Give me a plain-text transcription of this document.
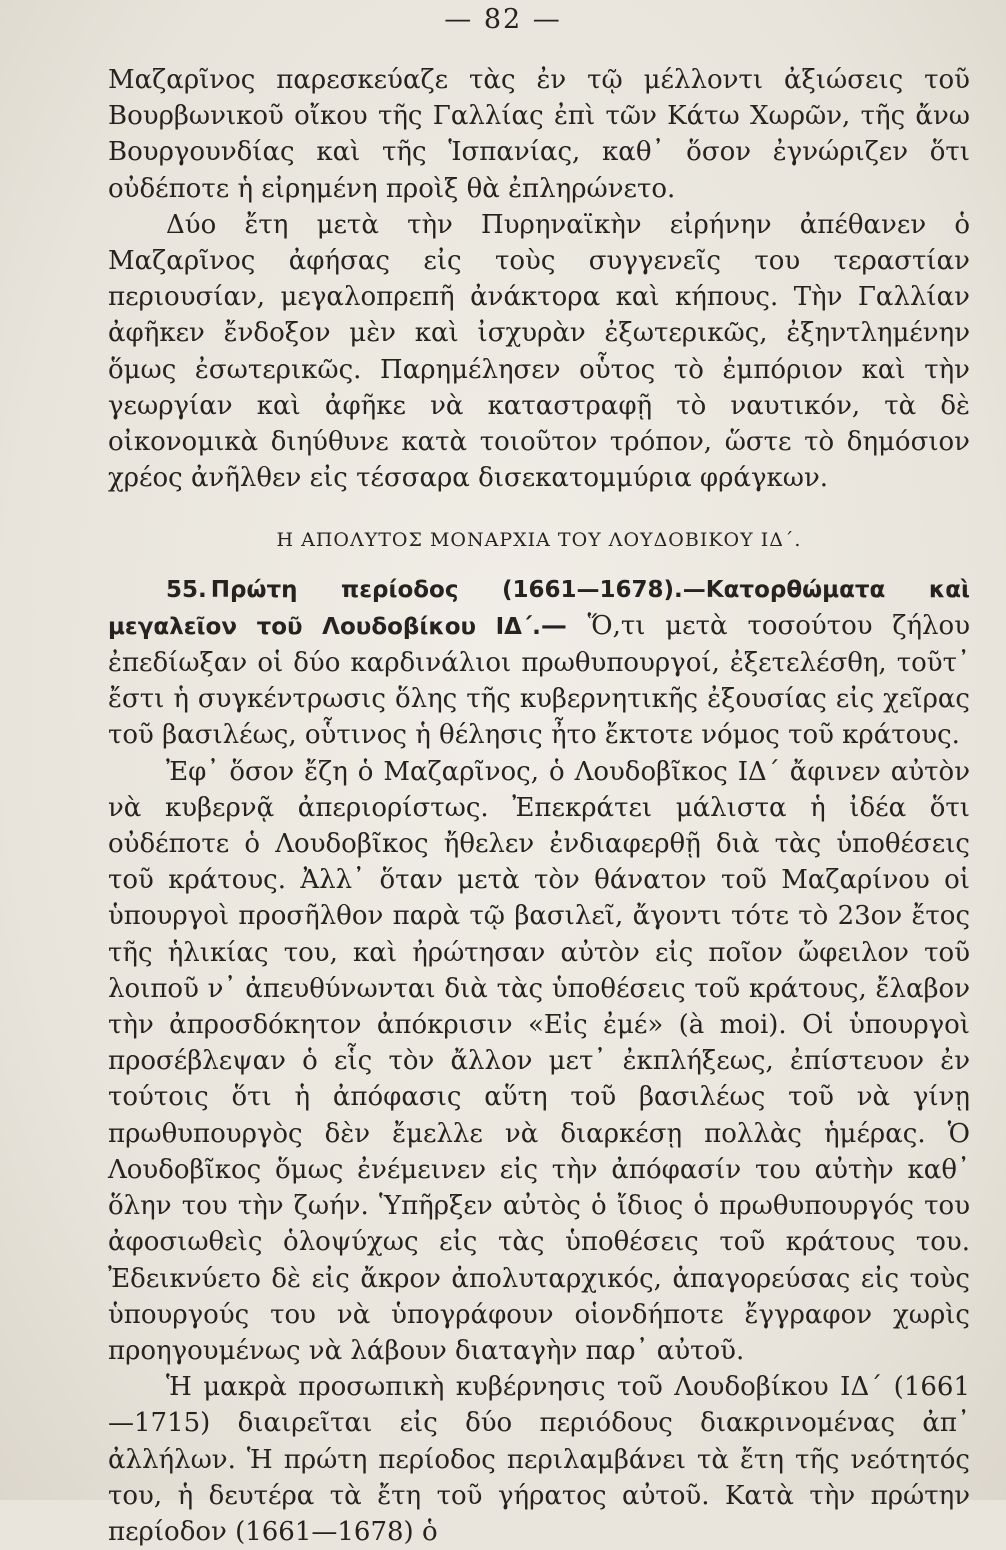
— 82 —

Μαζαρῖνος παρεσκεύαζε τὰς ἐν τῷ μέλλοντι ἀξιώσεις τοῦ Βουρβωνικοῦ οἴκου τῆς Γαλλίας ἐπὶ τῶν Κάτω Χωρῶν, τῆς ἄνω Βουργουνδίας καὶ τῆς Ἱσπανίας, καθ᾿ ὅσον ἐγνώριζεν ὅτι οὐδέποτε ἡ εἰρημένη προὶξ θὰ ἐπληρώνετο.

Δύο ἔτη μετὰ τὴν Πυρηναϊκὴν εἰρήνην ἀπέθανεν ὁ Μαζαρῖνος ἀφήσας εἰς τοὺς συγγενεῖς του τεραστίαν περιουσίαν, μεγαλοπρεπῆ ἀνάκτορα καὶ κήπους. Τὴν Γαλλίαν ἀφῆκεν ἔνδοξον μὲν καὶ ἰσχυρὰν ἐξωτερικῶς, ἐξηντλημένην ὅμως ἐσωτερικῶς. Παρημέλησεν οὗτος τὸ ἐμπόριον καὶ τὴν γεωργίαν καὶ ἀφῆκε νὰ καταστραφῇ τὸ ναυτικόν, τὰ δὲ οἰκονομικὰ διηύθυνε κατὰ τοιοῦτον τρόπον, ὥστε τὸ δημόσιον χρέος ἀνῆλθεν εἰς τέσσαρα δισεκατομμύρια φράγκων.

Η ΑΠΟΛΥΤΟΣ ΜΟΝΑΡΧΙΑ ΤΟΥ ΛΟΥΔΟΒΙΚΟΥ ΙΔ΄.

55. Πρώτη περίοδος (1661—1678).—Κατορθώματα καὶ μεγαλεῖον τοῦ Λουδοβίκου ΙΔ΄.— Ὅ,τι μετὰ τοσούτου ζήλου ἐπεδίωξαν οἱ δύο καρδινάλιοι πρωθυπουργοί, ἐξετελέσθη, τοῦτ᾿ ἔστι ἡ συγκέντρωσις ὅλης τῆς κυβερνητικῆς ἐξουσίας εἰς χεῖρας τοῦ βασιλέως, οὗτινος ἡ θέλησις ἦτο ἔκτοτε νόμος τοῦ κράτους.

Ἐφ᾿ ὅσον ἔζη ὁ Μαζαρῖνος, ὁ Λουδοβῖκος ΙΔ´ ἄφινεν αὐτὸν νὰ κυβερνᾷ ἀπεριορίστως. Ἐπεκράτει μάλιστα ἡ ἰδέα ὅτι οὐδέποτε ὁ Λουδοβῖκος ἤθελεν ἐνδιαφερθῇ διὰ τὰς ὑποθέσεις τοῦ κράτους. Ἀλλ᾿ ὅταν μετὰ τὸν θάνατον τοῦ Μαζαρίνου οἱ ὑπουργοὶ προσῆλθον παρὰ τῷ βασιλεῖ, ἄγοντι τότε τὸ 23ον ἔτος τῆς ἡλικίας του, καὶ ἠρώτησαν αὐτὸν εἰς ποῖον ὤφειλον τοῦ λοιποῦ ν᾿ ἀπευθύνωνται διὰ τὰς ὑποθέσεις τοῦ κράτους, ἔλαβον τὴν ἀπροσδόκητον ἀπόκρισιν «Εἰς ἐμέ» (à moi). Οἱ ὑπουργοὶ προσέβλεψαν ὁ εἷς τὸν ἄλλον μετ᾿ ἐκπλήξεως, ἐπίστευον ἐν τούτοις ὅτι ἡ ἀπόφασις αὕτη τοῦ βασιλέως τοῦ νὰ γίνῃ πρωθυπουργὸς δὲν ἔμελλε νὰ διαρκέσῃ πολλὰς ἡμέρας. Ὁ Λουδοβῖκος ὅμως ἐνέμεινεν εἰς τὴν ἀπόφασίν του αὐτὴν καθ᾿ ὅλην του τὴν ζωήν. Ὑπῆρξεν αὐτὸς ὁ ἴδιος ὁ πρωθυπουργός του ἀφοσιωθεὶς ὁλοψύχως εἰς τὰς ὑποθέσεις τοῦ κράτους του. Ἐδεικνύετο δὲ εἰς ἄκρον ἀπολυταρχικός, ἀπαγορεύσας εἰς τοὺς ὑπουργούς του νὰ ὑπογράφουν οἱονδήποτε ἔγγραφον χωρὶς προηγουμένως νὰ λάβουν διαταγὴν παρ᾿ αὐτοῦ.

Ἡ μακρὰ προσωπικὴ κυβέρνησις τοῦ Λουδοβίκου ΙΔ´ (1661—1715) διαιρεῖται εἰς δύο περιόδους διακρινομένας ἀπ᾿ ἀλλήλων. Ἡ πρώτη περίοδος περιλαμβάνει τὰ ἔτη τῆς νεότητός του, ἡ δευτέρα τὰ ἔτη τοῦ γήρατος αὐτοῦ. Κατὰ τὴν πρώτην περίοδον (1661—1678) ὁ
